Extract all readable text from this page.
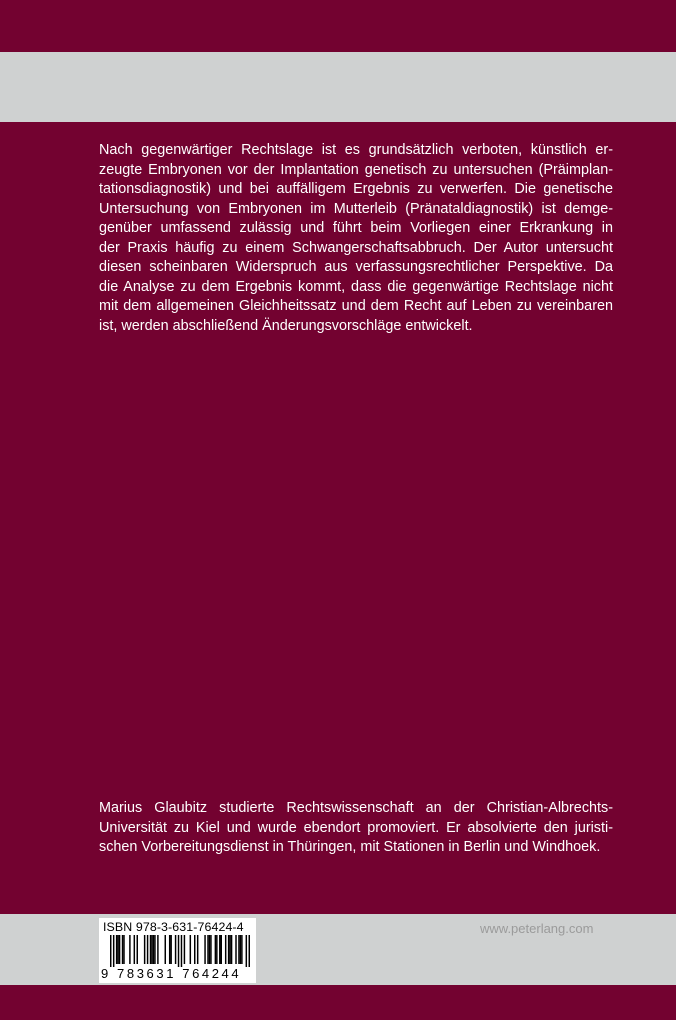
Nach gegenwärtiger Rechtslage ist es grundsätzlich verboten, künstlich er-
zeugte Embryonen vor der Implantation genetisch zu untersuchen (Präimplan-
tationsdiagnostik) und bei auffälligem Ergebnis zu verwerfen. Die genetische
Untersuchung von Embryonen im Mutterleib (Pränataldiagnostik) ist demge-
genüber umfassend zulässig und führt beim Vorliegen einer Erkrankung in
der Praxis häufig zu einem Schwangerschaftsabbruch. Der Autor untersucht
diesen scheinbaren Widerspruch aus verfassungsrechtlicher Perspektive. Da
die Analyse zu dem Ergebnis kommt, dass die gegenwärtige Rechtslage nicht
mit dem allgemeinen Gleichheitssatz und dem Recht auf Leben zu vereinbaren
ist, werden abschließend Änderungsvorschläge entwickelt.
Marius Glaubitz studierte Rechtswissenschaft an der Christian-Albrechts-
Universität zu Kiel und wurde ebendort promoviert. Er absolvierte den juristi-
schen Vorbereitungsdienst in Thüringen, mit Stationen in Berlin und Windhoek.
ISBN 978-3-631-76424-4
9 783631 764244
www.peterlang.com
